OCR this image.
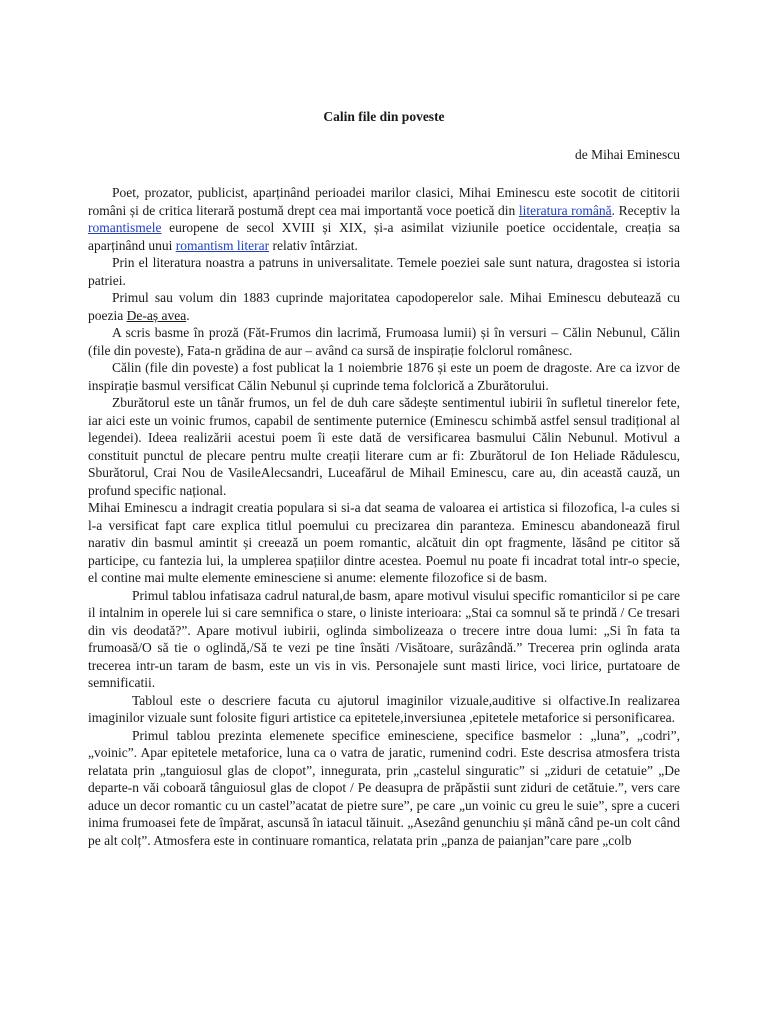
Calin file din poveste
de Mihai Eminescu

Poet, prozator, publicist, aparținând perioadei marilor clasici, Mihai Eminescu este socotit de cititorii români și de critica literară postumă drept cea mai importantă voce poetică din literatura română. Receptiv la romantismele europene de secol XVIII și XIX, și-a asimilat viziunile poetice occidentale, creația sa aparținând unui romantism literar relativ întârziat.

Prin el literatura noastra a patruns in universalitate. Temele poeziei sale sunt natura, dragostea si istoria patriei.

Primul sau volum din 1883 cuprinde majoritatea capodoperelor sale. Mihai Eminescu debutează cu poezia De-aș avea.

A scris basme în proză (Făt-Frumos din lacrimă, Frumoasa lumii) și în versuri – Călin Nebunul, Călin (file din poveste), Fata-n grădina de aur – având ca sursă de inspirație folclorul românesc.

Călin (file din poveste) a fost publicat la 1 noiembrie 1876 și este un poem de dragoste. Are ca izvor de inspirație basmul versificat Călin Nebunul și cuprinde tema folclorică a Zburătorului.

Zburătorul este un tânăr frumos, un fel de duh care sădește sentimentul iubirii în sufletul tinerelor fete, iar aici este un voinic frumos, capabil de sentimente puternice (Eminescu schimbă astfel sensul tradițional al legendei). Ideea realizării acestui poem îi este dată de versificarea basmului Călin Nebunul. Motivul a constituit punctul de plecare pentru multe creații literare cum ar fi: Zburătorul de Ion Heliade Rădulescu, Sburătorul, Crai Nou de VasileAlecsandri, Luceafărul de Mihail Eminescu, care au, din această cauză, un profund specific național.

Mihai Eminescu a indragit creatia populara si si-a dat seama de valoarea ei artistica si filozofica, l-a cules si l-a versificat fapt care explica titlul poemului cu precizarea din paranteza. Eminescu abandonează firul narativ din basmul amintit și creează un poem romantic, alcătuit din opt fragmente, lăsând pe cititor să participe, cu fantezia lui, la umplerea spațiilor dintre acestea. Poemul nu poate fi incadrat total intr-o specie, el contine mai multe elemente eminesciene si anume: elemente filozofice si de basm.

Primul tablou infatisaza cadrul natural,de basm, apare motivul visului specific romanticilor si pe care il intalnim in operele lui si care semnifica o stare, o liniste interioara: „Stai ca somnul să te prindă / Ce tresari din vis deodată?”. Apare motivul iubirii, oglinda simbolizeaza o trecere intre doua lumi: „Si în fata ta frumoasă/O să tie o oglindă,/Să te vezi pe tine însăti /Visătoare, surâzândă.” Trecerea prin oglinda arata trecerea intr-un taram de basm, este un vis in vis. Personajele sunt masti lirice, voci lirice, purtatoare de semnificatii.

Tabloul este o descriere facuta cu ajutorul imaginilor vizuale,auditive si olfactive.In realizarea imaginilor vizuale sunt folosite figuri artistice ca epitetele,inversiunea ,epitetele metaforice si personificarea.

Primul tablou prezinta elemenete specifice eminesciene, specifice basmelor : „luna”, „codri”, „voinic”. Apar epitetele metaforice, luna ca o vatra de jaratic, rumenind codri. Este descrisa atmosfera trista relatata prin „tanguiosul glas de clopot”, innegurata, prin „castelul singuratic” si „ziduri de cetatuie” „De departe-n văi coboară tânguiosul glas de clopot / Pe deasupra de prăpăstii sunt ziduri de cetătuie.”, vers care aduce un decor romantic cu un castel”acatat de pietre sure”, pe care „un voinic cu greu le suie”, spre a cuceri inima frumoasei fete de împărat, ascunsă în iatacul tăinuit. „Asezând genunchiu și mână când pe-un colt când pe alt colț”. Atmosfera este in continuare romantica, relatata prin „panza de paianjan”care pare „colb
